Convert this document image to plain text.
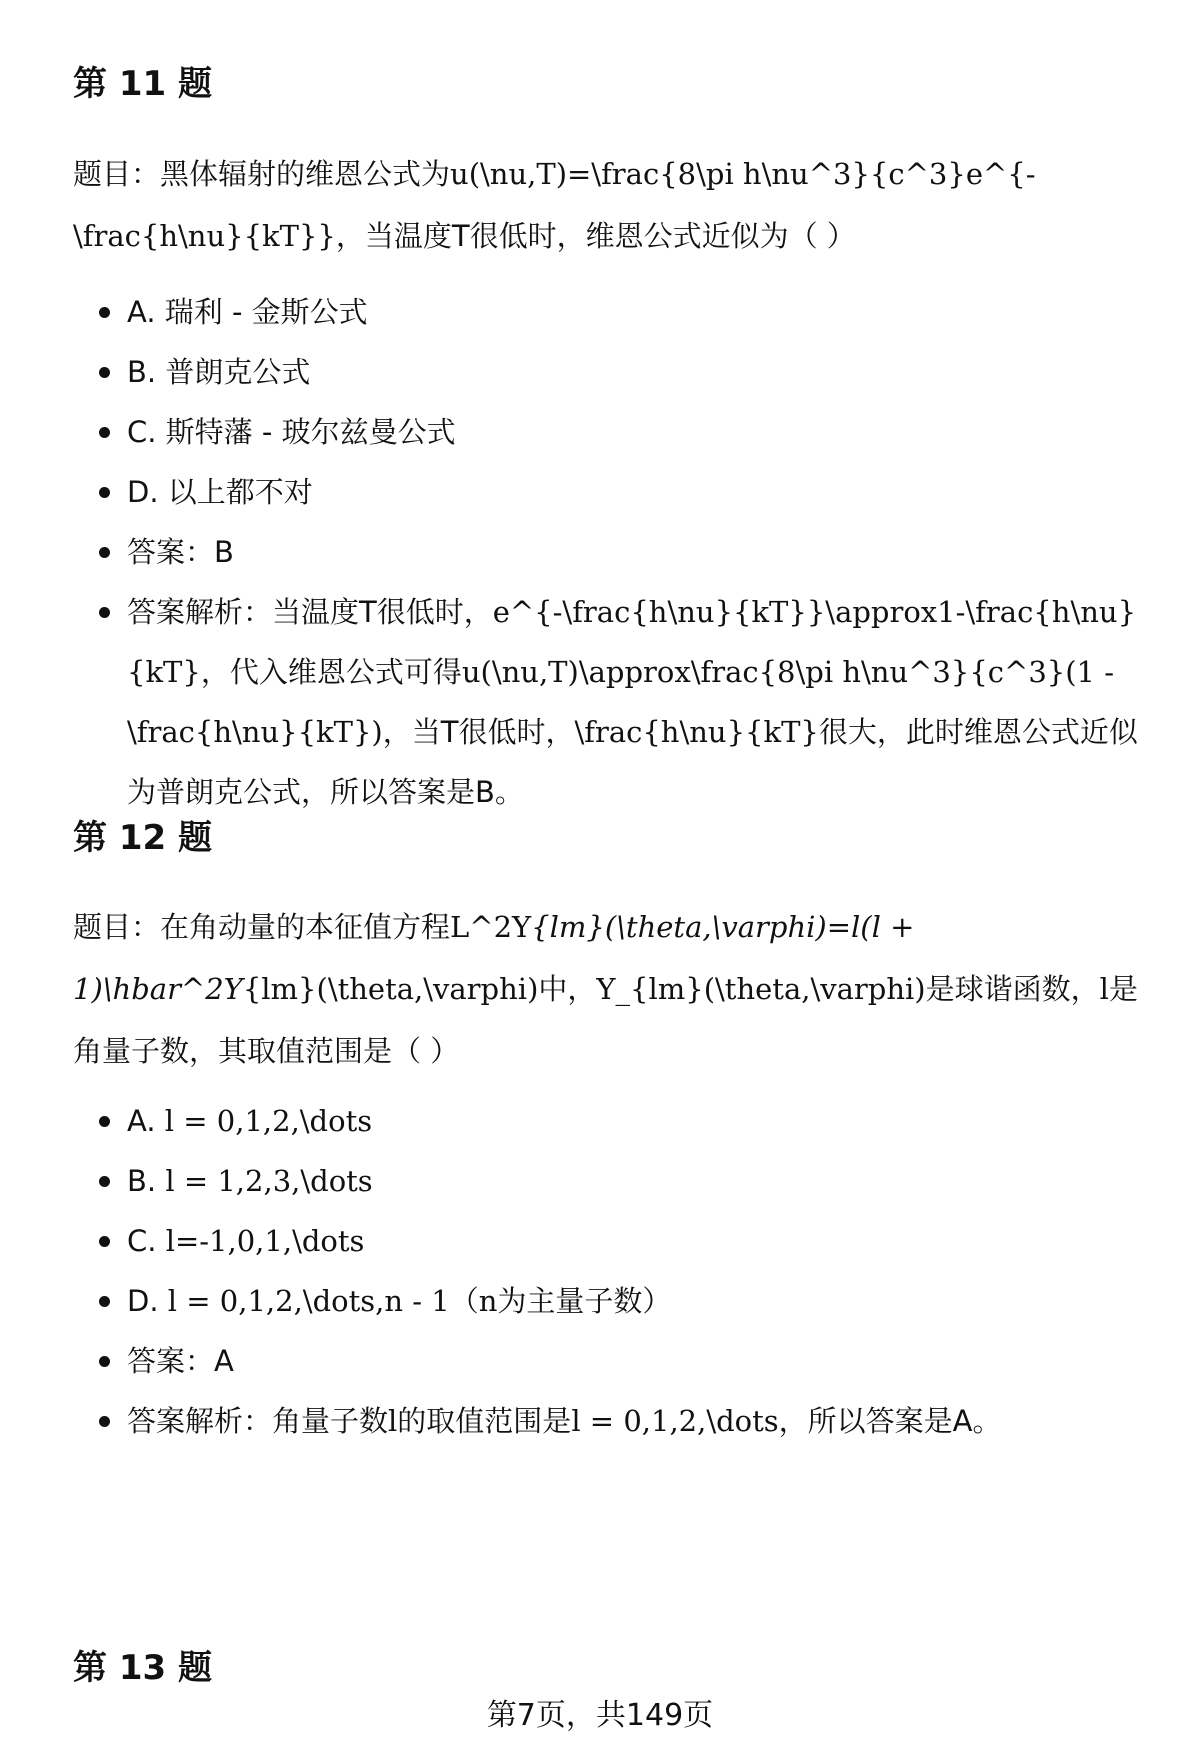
第 11 题

题目：黑体辐射的维恩公式为u(\nu,T)=\frac{8\pi h\nu^3}{c^3}e^{-\frac{h\nu}{kT}}，当温度T很低时，维恩公式近似为（ ）

A. 瑞利 - 金斯公式
B. 普朗克公式
C. 斯特藩 - 玻尔兹曼公式
D. 以上都不对
答案：B
答案解析：当温度T很低时，e^{-\frac{h\nu}{kT}}\approx1-\frac{h\nu}{kT}，代入维恩公式可得u(\nu,T)\approx\frac{8\pi h\nu^3}{c^3}(1 - \frac{h\nu}{kT})，当T很低时，\frac{h\nu}{kT}很大，此时维恩公式近似为普朗克公式，所以答案是B。
第 12 题

题目：在角动量的本征值方程L^2Y{lm}(\theta,\varphi)=l(l + 1)\hbar^2Y{lm}(\theta,\varphi)中，Y_{lm}(\theta,\varphi)是球谐函数，l是角量子数，其取值范围是（ ）

A. l = 0,1,2,\dots
B. l = 1,2,3,\dots
C. l=-1,0,1,\dots
D. l = 0,1,2,\dots,n - 1（n为主量子数）
答案：A
答案解析：角量子数l的取值范围是l = 0,1,2,\dots，所以答案是A。
第 13 题
第7页，共149页
